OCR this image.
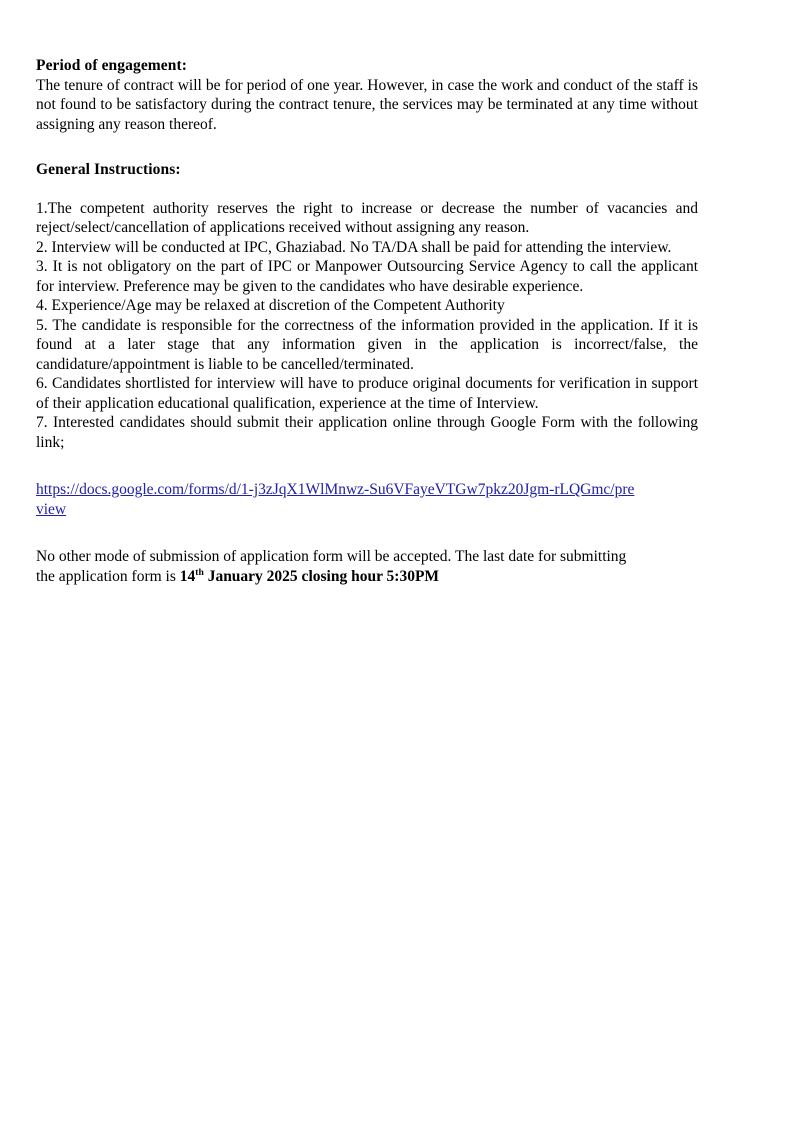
Period of engagement:

The tenure of contract will be for period of one year. However, in case the work and conduct of the staff is not found to be satisfactory during the contract tenure, the services may be terminated at any time without assigning any reason thereof.

General Instructions:

1.The competent authority reserves the right to increase or decrease the number of vacancies and reject/select/cancellation of applications received without assigning any reason.

2. Interview will be conducted at IPC, Ghaziabad. No TA/DA shall be paid for attending the interview.

3. It is not obligatory on the part of IPC or Manpower Outsourcing Service Agency to call the applicant for interview. Preference may be given to the candidates who have desirable experience.

4. Experience/Age may be relaxed at discretion of the Competent Authority

5. The candidate is responsible for the correctness of the information provided in the application. If it is found at a later stage that any information given in the application is incorrect/false, the candidature/appointment is liable to be cancelled/terminated.

6. Candidates shortlisted for interview will have to produce original documents for verification in support of their application educational qualification, experience at the time of Interview.

7. Interested candidates should submit their application online through Google Form with the following link;

https://docs.google.com/forms/d/1-j3zJqX1WlMnwz-Su6VFayeVTGw7pkz20Jgm-rLQGmc/preview

No other mode of submission of application form will be accepted. The last date for submitting the application form is 14th January 2025 closing hour 5:30PM
